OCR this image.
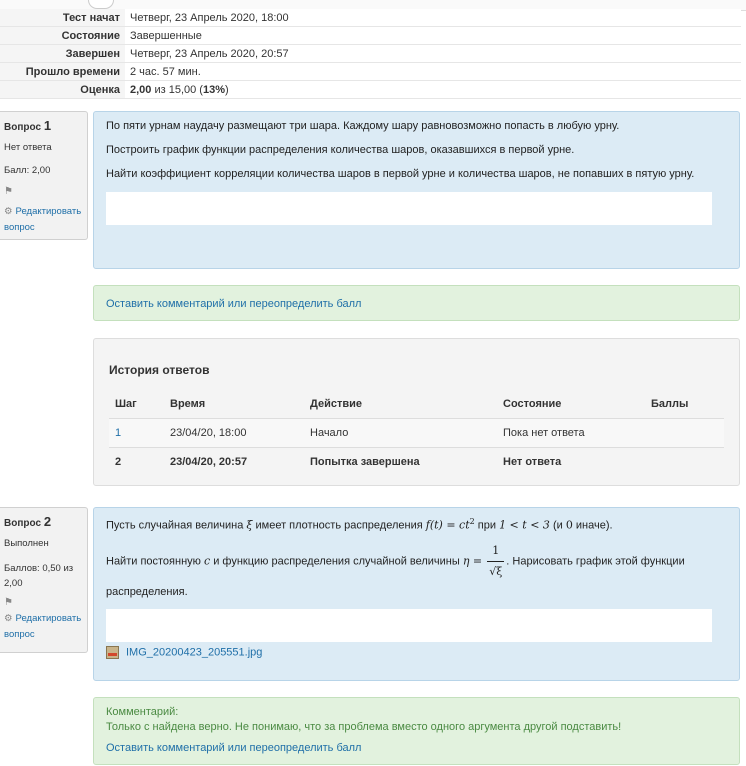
Тест начат	Четверг, 23 Апрель 2020, 18:00
Состояние	Завершенные
Завершен	Четверг, 23 Апрель 2020, 20:57
Прошло времени	2 час. 57 мин.
Оценка	2,00 из 15,00 (13%)
Вопрос 1
Нет ответа
Балл: 2,00
⚑
⚙ Редактировать вопрос

По пяти урнам наудачу размещают три шара. Каждому шару равновозможно попасть в любую урну.

Построить график функции распределения количества шаров, оказавшихся в первой урне.

Найти коэффициент корреляции количества шаров в первой урне и количества шаров, не попавших в пятую урну.

Оставить комментарий или переопределить балл
История ответов
Шаг	Время	Действие	Состояние	Баллы
1	23/04/20, 18:00	Начало	Пока нет ответа	
2	23/04/20, 20:57	Попытка завершена	Нет ответа	
Вопрос 2
Выполнен
Баллов: 0,50 из 2,00
⚑
⚙ Редактировать вопрос

Пусть случайная величина ξ имеет плотность распределения $f(t) = ct^2$ при 1 < t < 3 (и 0 иначе).

Найти постоянную c и функцию распределения случайной величины $\eta = \frac{1}{√\xi}$ . Нарисовать график этой функции

распределения.

IMG_20200423_205551.jpg
Комментарий:
Только с найдена верно. Не понимаю, что за проблема вместо одного аргумента другой подставить!
Оставить комментарий или переопределить балл
